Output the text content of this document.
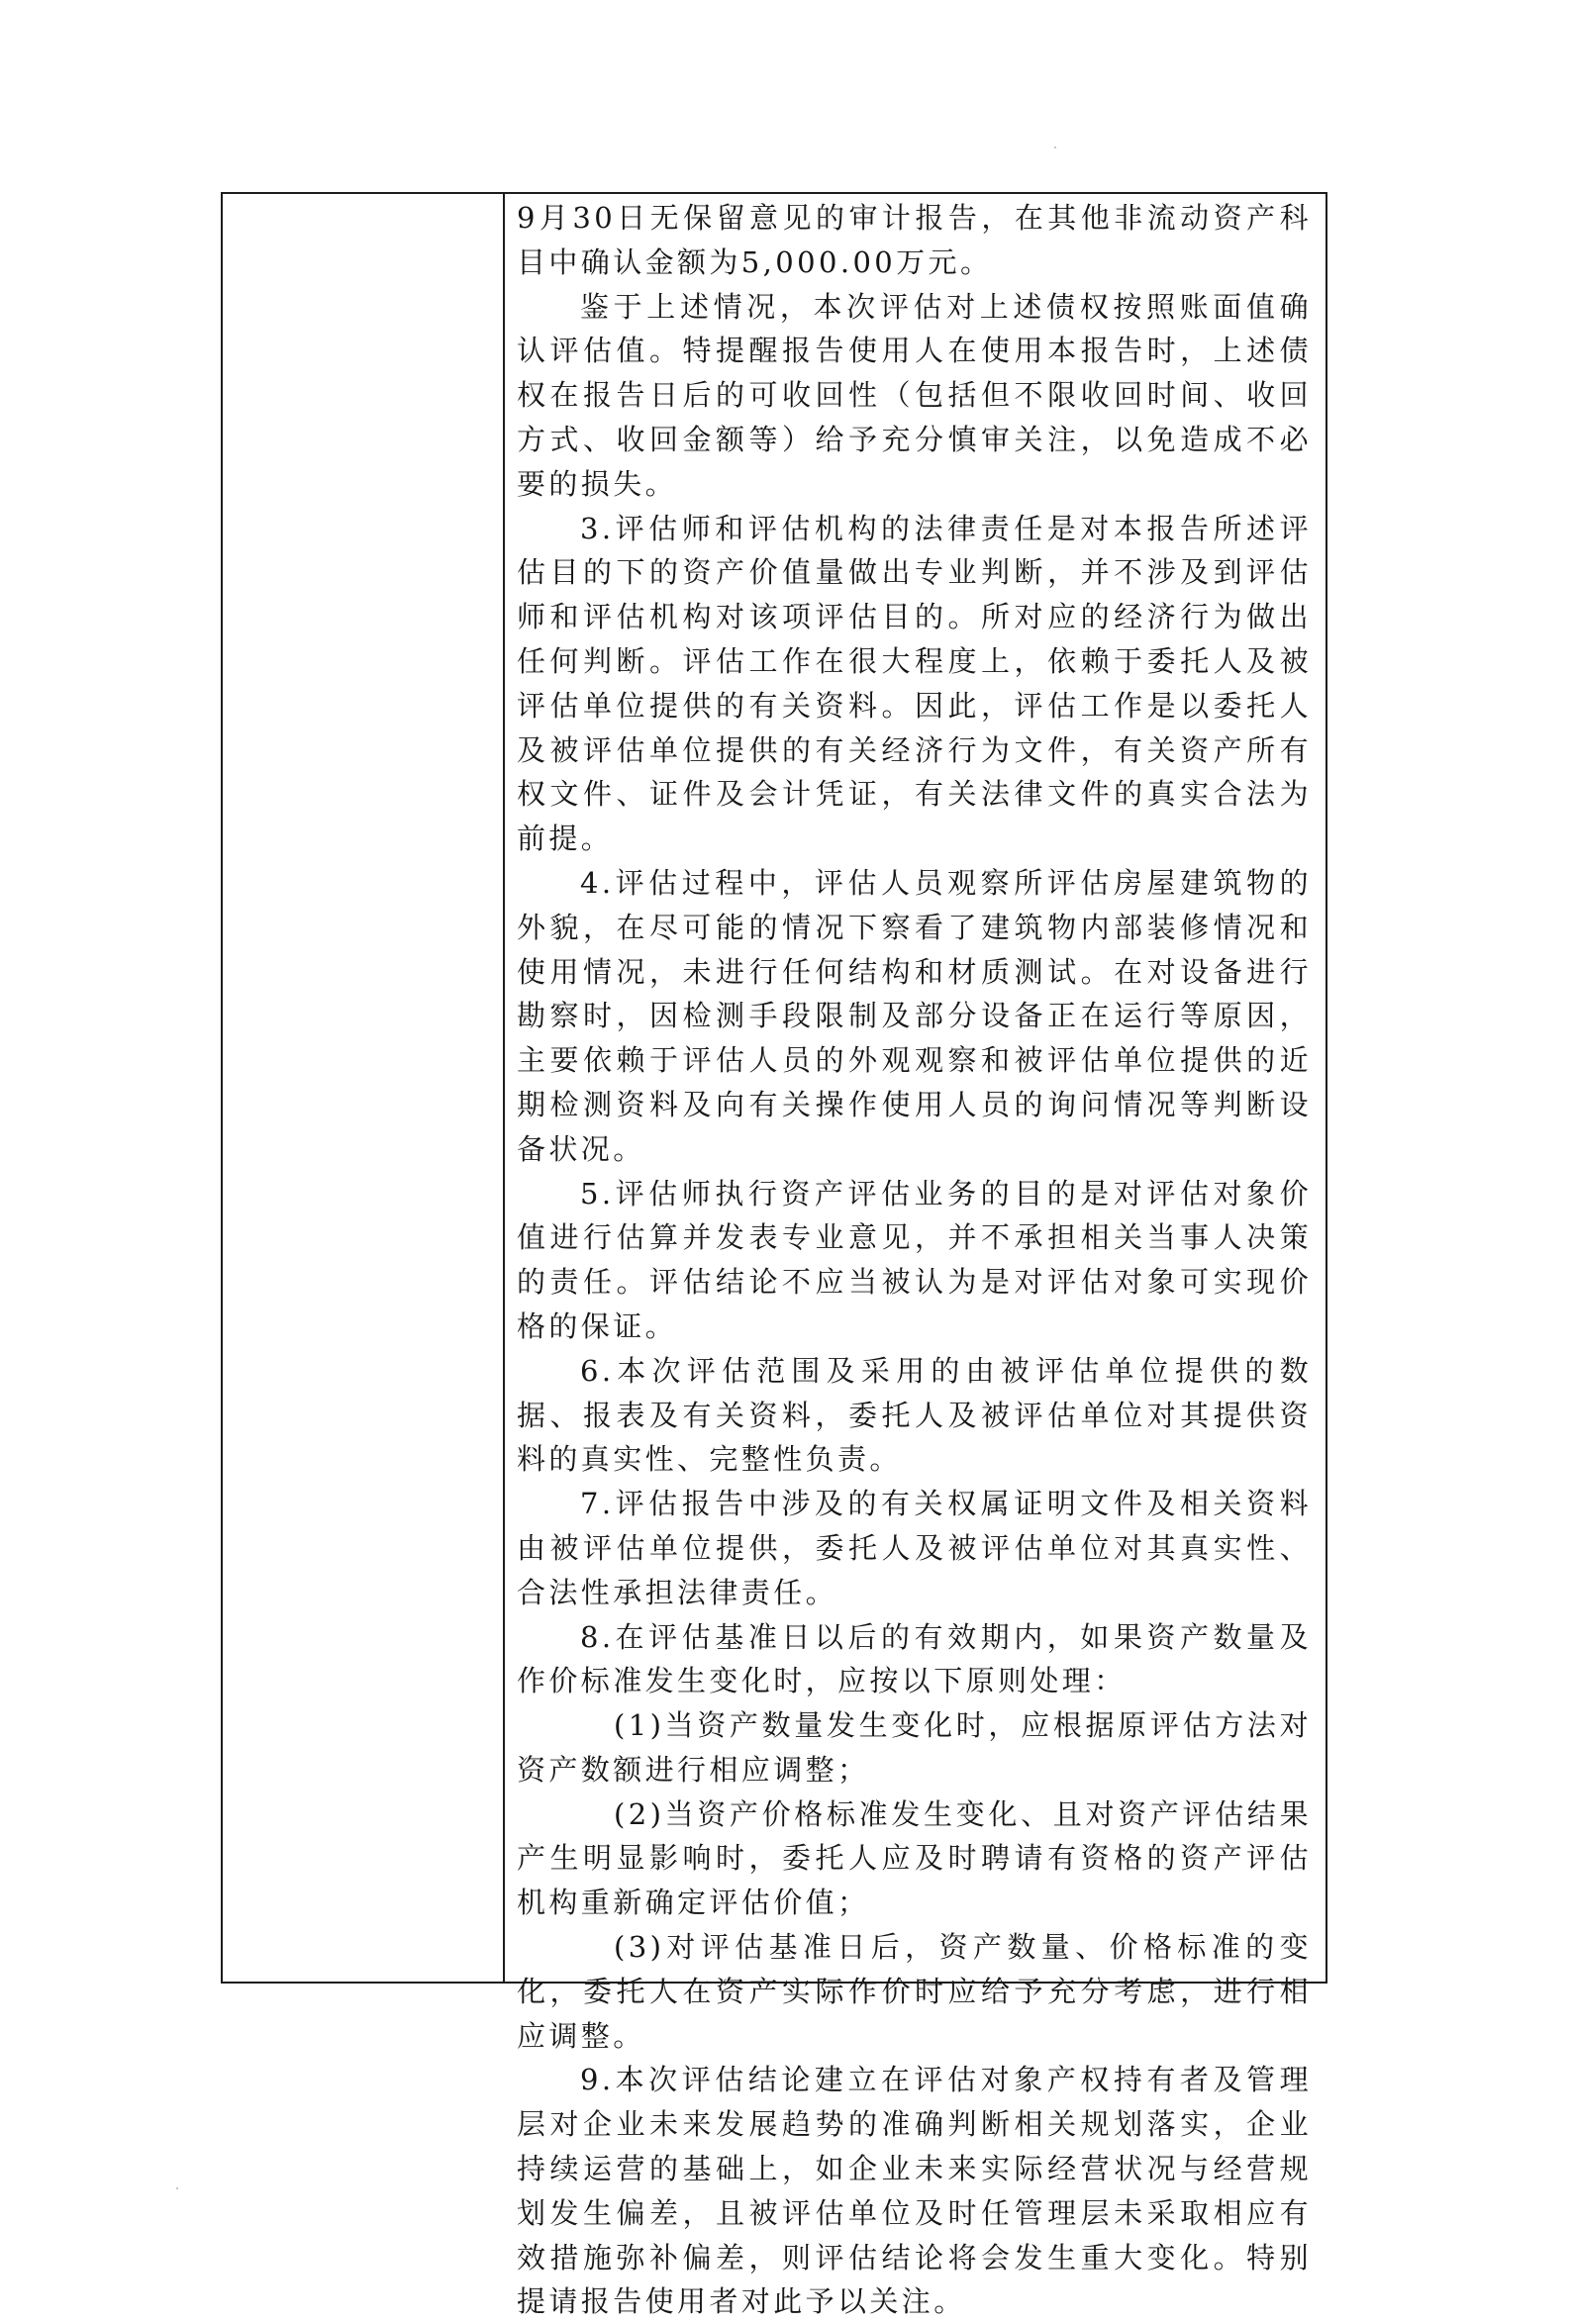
9月30日无保留意见的审计报告，在其他非流动资产科目中确认金额为5,000.00万元。

鉴于上述情况，本次评估对上述债权按照账面值确认评估值。特提醒报告使用人在使用本报告时，上述债权在报告日后的可收回性（包括但不限收回时间、收回方式、收回金额等）给予充分慎审关注，以免造成不必要的损失。

3.评估师和评估机构的法律责任是对本报告所述评估目的下的资产价值量做出专业判断，并不涉及到评估师和评估机构对该项评估目的。所对应的经济行为做出任何判断。评估工作在很大程度上，依赖于委托人及被评估单位提供的有关资料。因此，评估工作是以委托人及被评估单位提供的有关经济行为文件，有关资产所有权文件、证件及会计凭证，有关法律文件的真实合法为前提。

4.评估过程中，评估人员观察所评估房屋建筑物的外貌，在尽可能的情况下察看了建筑物内部装修情况和使用情况，未进行任何结构和材质测试。在对设备进行勘察时，因检测手段限制及部分设备正在运行等原因，主要依赖于评估人员的外观观察和被评估单位提供的近期检测资料及向有关操作使用人员的询问情况等判断设备状况。

5.评估师执行资产评估业务的目的是对评估对象价值进行估算并发表专业意见，并不承担相关当事人决策的责任。评估结论不应当被认为是对评估对象可实现价格的保证。

6.本次评估范围及采用的由被评估单位提供的数据、报表及有关资料，委托人及被评估单位对其提供资料的真实性、完整性负责。

7.评估报告中涉及的有关权属证明文件及相关资料由被评估单位提供，委托人及被评估单位对其真实性、合法性承担法律责任。

8.在评估基准日以后的有效期内，如果资产数量及作价标准发生变化时，应按以下原则处理：

(1)当资产数量发生变化时，应根据原评估方法对资产数额进行相应调整；

(2)当资产价格标准发生变化、且对资产评估结果产生明显影响时，委托人应及时聘请有资格的资产评估机构重新确定评估价值；

(3)对评估基准日后，资产数量、价格标准的变化，委托人在资产实际作价时应给予充分考虑，进行相应调整。

9.本次评估结论建立在评估对象产权持有者及管理层对企业未来发展趋势的准确判断相关规划落实，企业持续运营的基础上，如企业未来实际经营状况与经营规划发生偏差，且被评估单位及时任管理层未采取相应有效措施弥补偏差，则评估结论将会发生重大变化。特别提请报告使用者对此予以关注。
